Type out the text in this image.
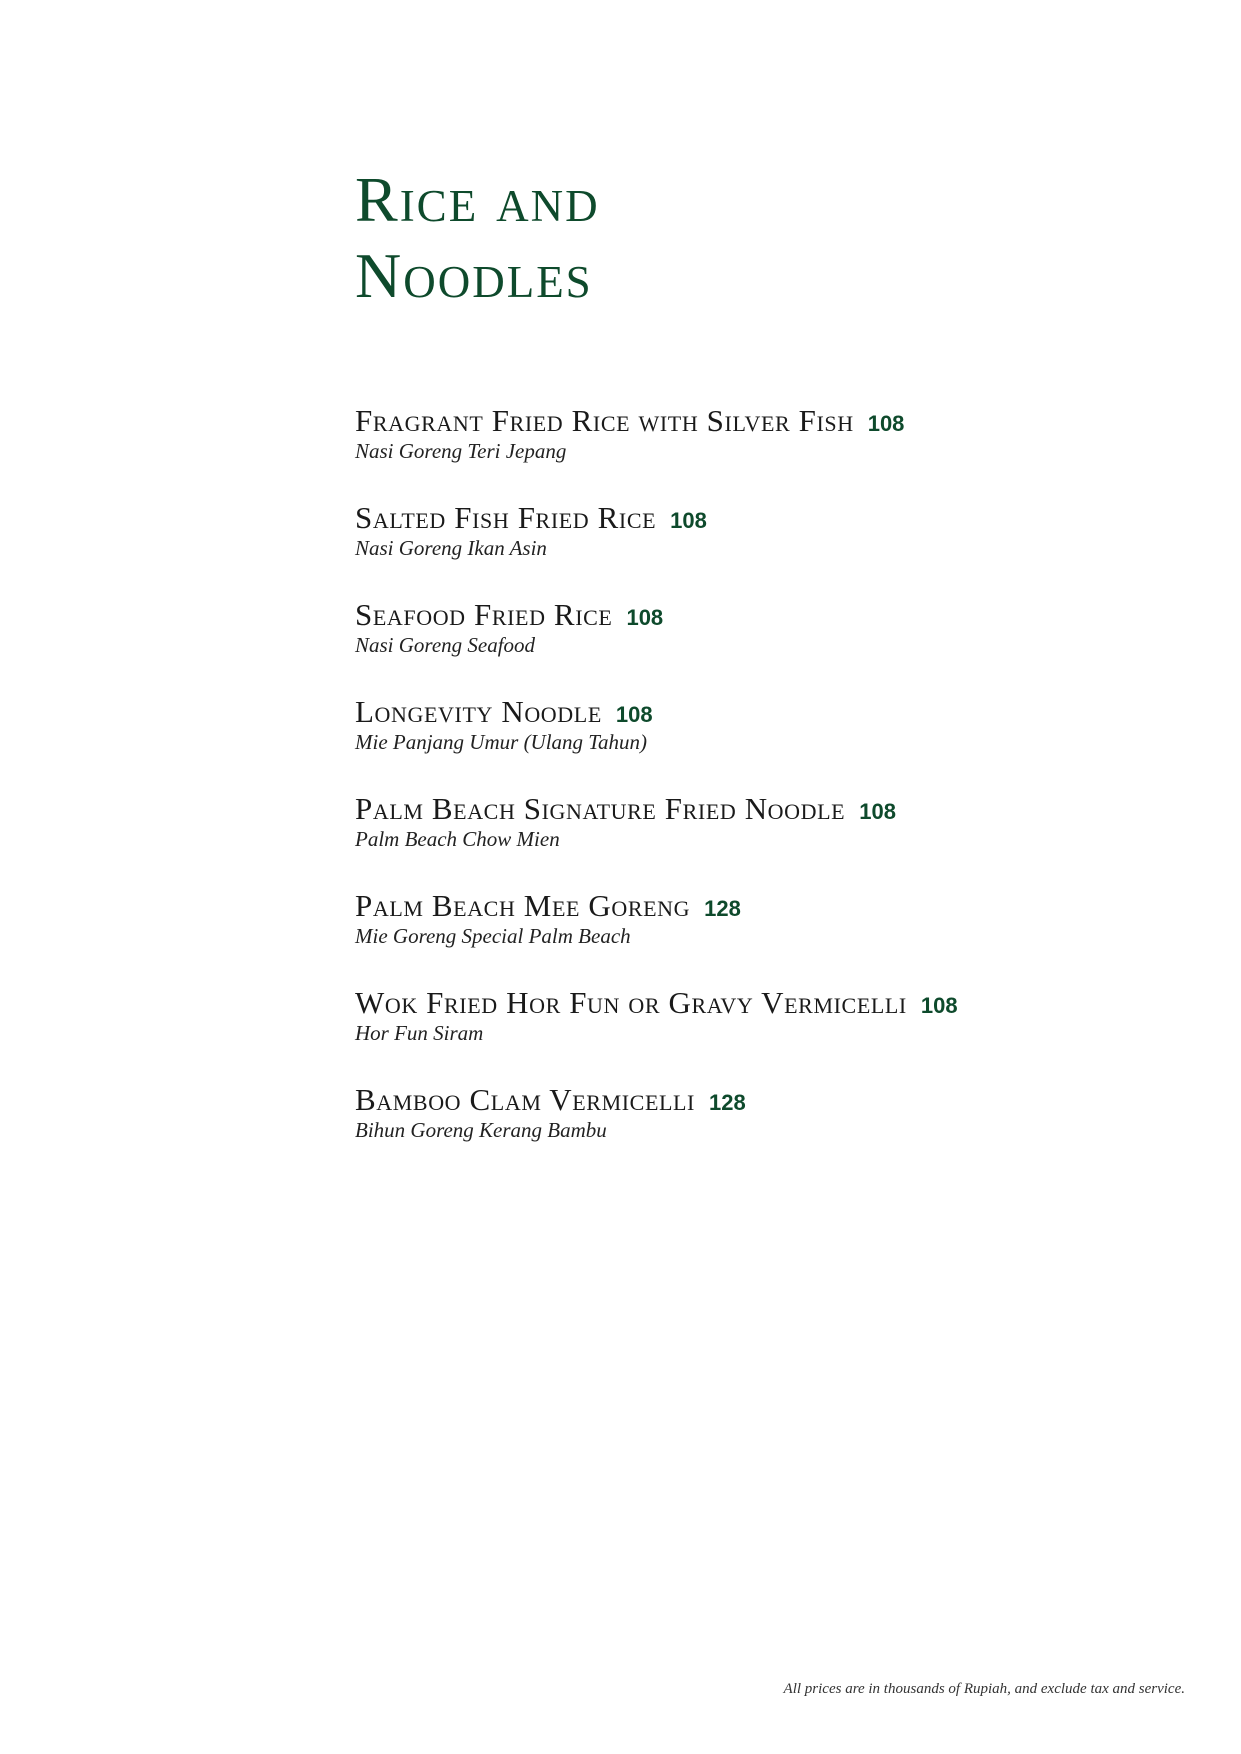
Rice and
Noodles
Fragrant Fried Rice with Silver Fish 108
Nasi Goreng Teri Jepang
Salted Fish Fried Rice 108
Nasi Goreng Ikan Asin
Seafood Fried Rice 108
Nasi Goreng Seafood
Longevity Noodle 108
Mie Panjang Umur (Ulang Tahun)
Palm Beach Signature Fried Noodle 108
Palm Beach Chow Mien
Palm Beach Mee Goreng 128
Mie Goreng Special Palm Beach
Wok Fried Hor Fun or Gravy Vermicelli 108
Hor Fun Siram
Bamboo Clam Vermicelli 128
Bihun Goreng Kerang Bambu

All prices are in thousands of Rupiah, and exclude tax and service.
